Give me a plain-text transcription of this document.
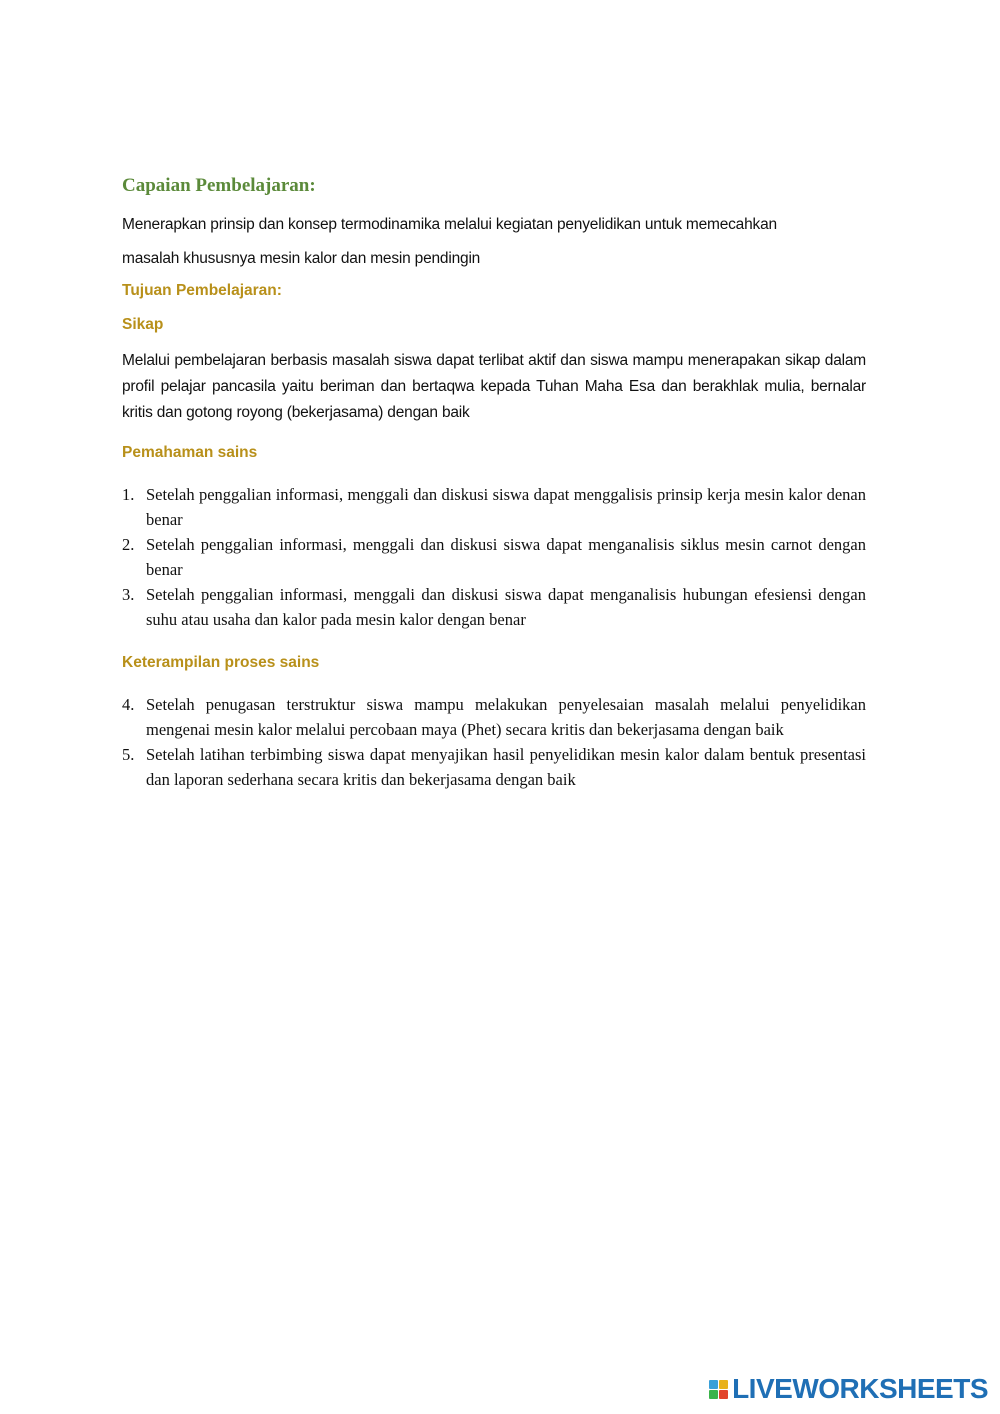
Capaian Pembelajaran:

Menerapkan prinsip dan konsep termodinamika melalui kegiatan penyelidikan untuk memecahkan

masalah khususnya mesin kalor dan mesin pendingin

Tujuan Pembelajaran:
Sikap

Melalui pembelajaran berbasis masalah siswa dapat terlibat aktif dan siswa mampu menerapakan sikap dalam profil pelajar pancasila yaitu beriman dan bertaqwa kepada Tuhan Maha Esa dan berakhlak mulia, bernalar kritis dan gotong royong (bekerjasama) dengan baik

Pemahaman sains
1. Setelah penggalian informasi, menggali dan diskusi siswa dapat menggalisis prinsip kerja mesin kalor denan benar
2. Setelah penggalian informasi, menggali dan diskusi siswa dapat menganalisis siklus mesin carnot dengan benar
3. Setelah penggalian informasi, menggali dan diskusi siswa dapat menganalisis hubungan efesiensi dengan suhu atau usaha dan kalor pada mesin kalor dengan benar
Keterampilan proses sains
4. Setelah penugasan terstruktur siswa mampu melakukan penyelesaian masalah melalui penyelidikan mengenai mesin kalor melalui percobaan maya (Phet) secara kritis dan bekerjasama dengan baik
5. Setelah latihan terbimbing siswa dapat menyajikan hasil penyelidikan mesin kalor dalam bentuk presentasi dan laporan sederhana secara kritis dan bekerjasama dengan baik
LIVEWORKSHEETS
